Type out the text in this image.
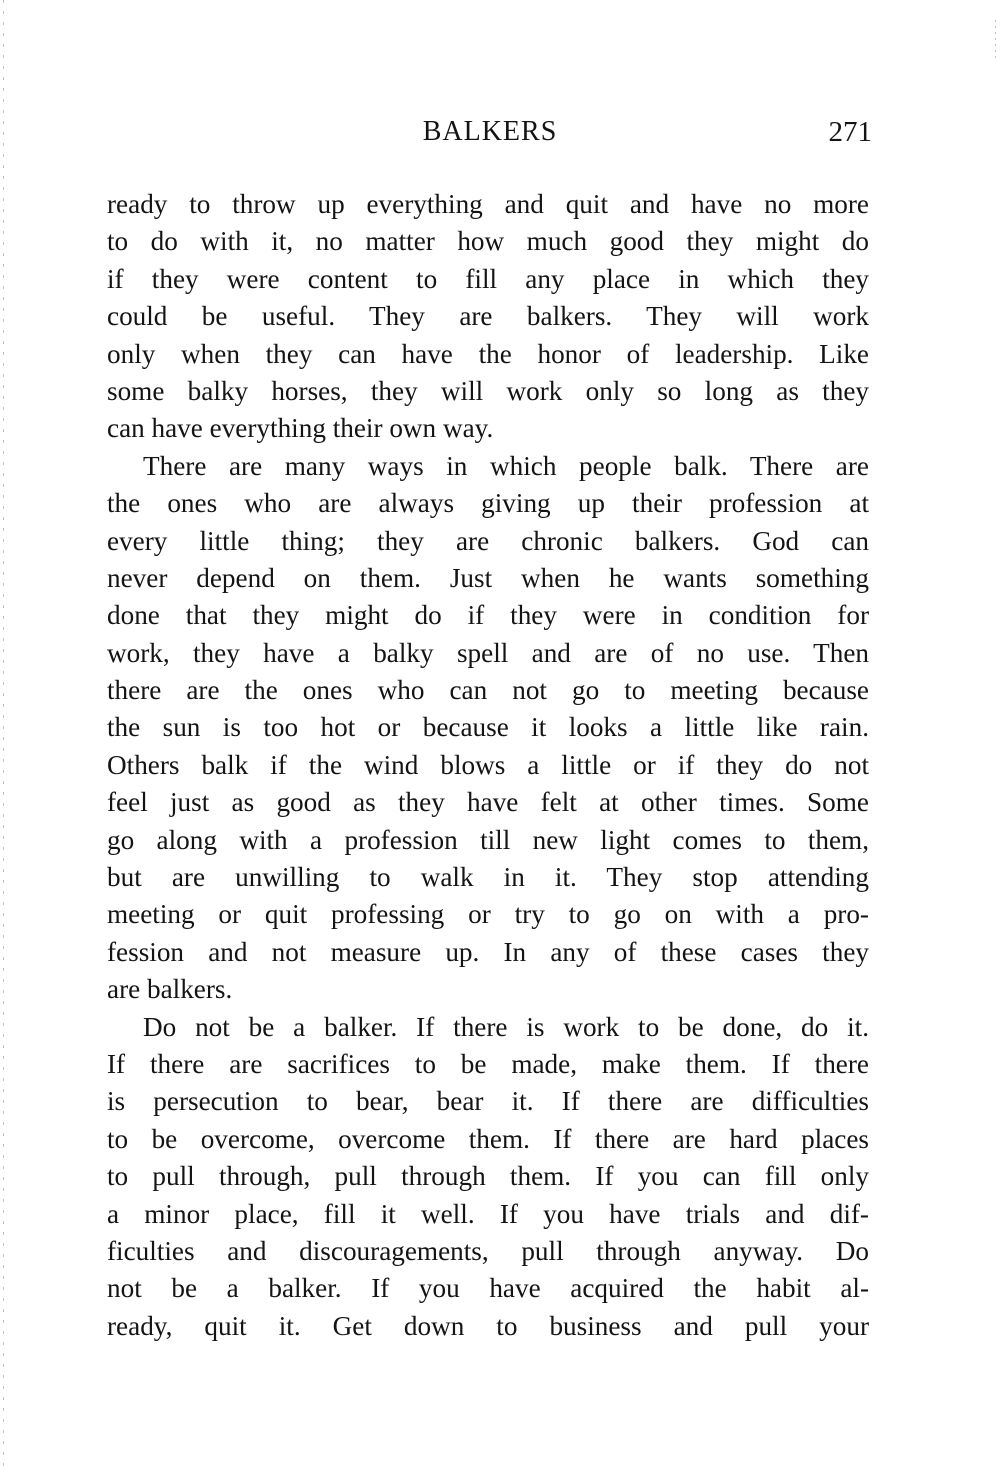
BALKERS	271
ready to throw up everything and quit and have no more
to do with it, no matter how much good they might do
if they were content to fill any place in which they
could be useful. They are balkers. They will work
only when they can have the honor of leadership. Like
some balky horses, they will work only so long as they
can have everything their own way.
There are many ways in which people balk. There are
the ones who are always giving up their profession at
every little thing; they are chronic balkers. God can
never depend on them. Just when he wants something
done that they might do if they were in condition for
work, they have a balky spell and are of no use. Then
there are the ones who can not go to meeting because
the sun is too hot or because it looks a little like rain.
Others balk if the wind blows a little or if they do not
feel just as good as they have felt at other times. Some
go along with a profession till new light comes to them,
but are unwilling to walk in it. They stop attending
meeting or quit professing or try to go on with a pro-
fession and not measure up. In any of these cases they
are balkers.
Do not be a balker. If there is work to be done, do it.
If there are sacrifices to be made, make them. If there
is persecution to bear, bear it. If there are difficulties
to be overcome, overcome them. If there are hard places
to pull through, pull through them. If you can fill only
a minor place, fill it well. If you have trials and dif-
ficulties and discouragements, pull through anyway. Do
not be a balker. If you have acquired the habit al-
ready, quit it. Get down to business and pull your
